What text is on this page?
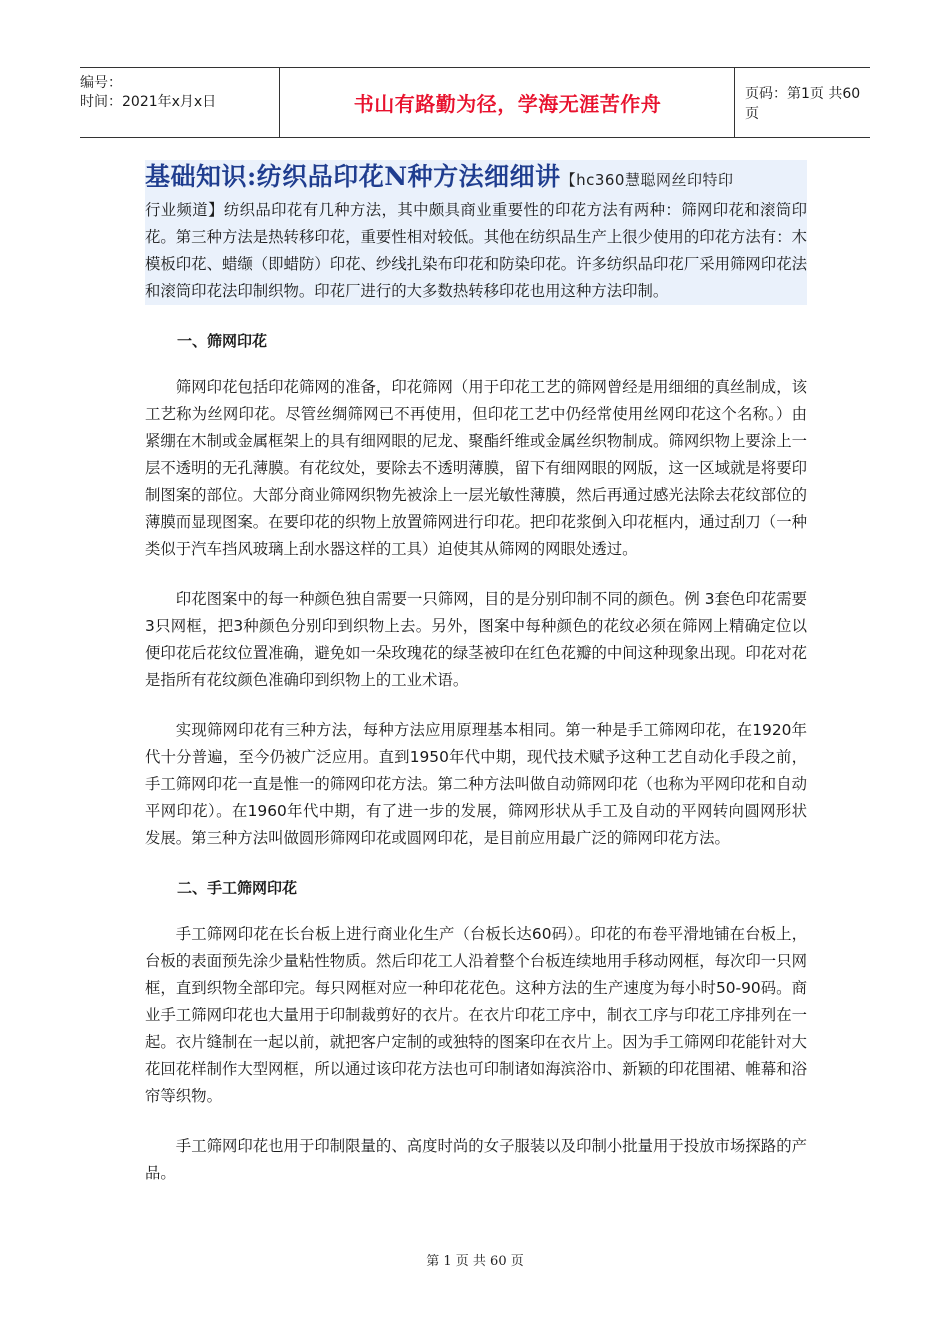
编号：
时间：2021年x月x日	书山有路勤为径，学海无涯苦作舟	页码：第1页 共60页
基础知识:纺织品印花N种方法细细讲【hc360慧聪网丝印特印

行业频道】纺织品印花有几种方法，其中颇具商业重要性的印花方法有两种：筛网印花和滚筒印花。第三种方法是热转移印花，重要性相对较低。其他在纺织品生产上很少使用的印花方法有：木模板印花、蜡缬（即蜡防）印花、纱线扎染布印花和防染印花。许多纺织品印花厂采用筛网印花法和滚筒印花法印制织物。印花厂进行的大多数热转移印花也用这种方法印制。

一、筛网印花

筛网印花包括印花筛网的准备，印花筛网（用于印花工艺的筛网曾经是用细细的真丝制成，该工艺称为丝网印花。尽管丝绸筛网已不再使用，但印花工艺中仍经常使用丝网印花这个名称。）由紧绷在木制或金属框架上的具有细网眼的尼龙、聚酯纤维或金属丝织物制成。筛网织物上要涂上一层不透明的无孔薄膜。有花纹处，要除去不透明薄膜，留下有细网眼的网版，这一区域就是将要印制图案的部位。大部分商业筛网织物先被涂上一层光敏性薄膜，然后再通过感光法除去花纹部位的薄膜而显现图案。在要印花的织物上放置筛网进行印花。把印花浆倒入印花框内，通过刮刀（一种类似于汽车挡风玻璃上刮水器这样的工具）迫使其从筛网的网眼处透过。

印花图案中的每一种颜色独自需要一只筛网，目的是分别印制不同的颜色。例 3套色印花需要3只网框，把3种颜色分别印到织物上去。另外，图案中每种颜色的花纹必须在筛网上精确定位以便印花后花纹位置准确，避免如一朵玫瑰花的绿茎被印在红色花瓣的中间这种现象出现。印花对花是指所有花纹颜色准确印到织物上的工业术语。

实现筛网印花有三种方法，每种方法应用原理基本相同。第一种是手工筛网印花，在1920年代十分普遍，至今仍被广泛应用。直到1950年代中期，现代技术赋予这种工艺自动化手段之前，手工筛网印花一直是惟一的筛网印花方法。第二种方法叫做自动筛网印花（也称为平网印花和自动平网印花）。在1960年代中期，有了进一步的发展，筛网形状从手工及自动的平网转向圆网形状发展。第三种方法叫做圆形筛网印花或圆网印花，是目前应用最广泛的筛网印花方法。

二、手工筛网印花

手工筛网印花在长台板上进行商业化生产（台板长达60码）。印花的布卷平滑地铺在台板上，台板的表面预先涂少量粘性物质。然后印花工人沿着整个台板连续地用手移动网框，每次印一只网框，直到织物全部印完。每只网框对应一种印花花色。这种方法的生产速度为每小时50-90码。商业手工筛网印花也大量用于印制裁剪好的衣片。在衣片印花工序中，制衣工序与印花工序排列在一起。衣片缝制在一起以前，就把客户定制的或独特的图案印在衣片上。因为手工筛网印花能针对大花回花样制作大型网框，所以通过该印花方法也可印制诸如海滨浴巾、新颖的印花围裙、帷幕和浴帘等织物。

手工筛网印花也用于印制限量的、高度时尚的女子服装以及印制小批量用于投放市场探路的产品。

第 1 页 共 60 页
